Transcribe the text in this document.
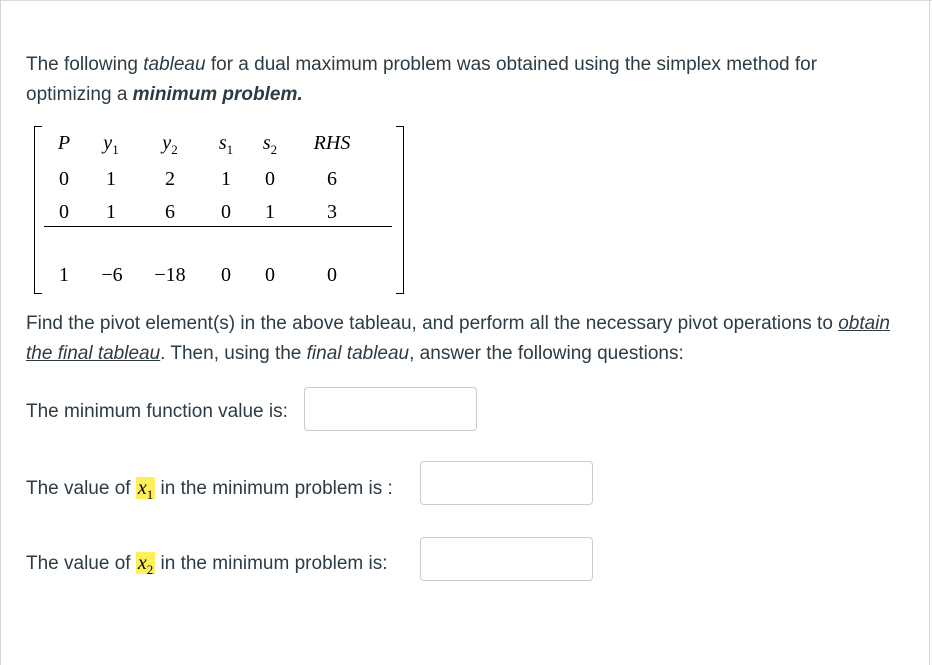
The following tableau for a dual maximum problem was obtained using the simplex method for optimizing a minimum problem.

P	$y_1$	$y_2$	$s_1$	$s_2$	RHS
0	1	2	1	0	6
0	1	6	0	1	3
1	−6	−18	0	0	0

Find the pivot element(s) in the above tableau, and perform all the necessary pivot operations to obtain the final tableau. Then, using the final tableau, answer the following questions:

The minimum function value is:
The value of $x_1$ in the minimum problem is :
The value of $x_2$ in the minimum problem is:
